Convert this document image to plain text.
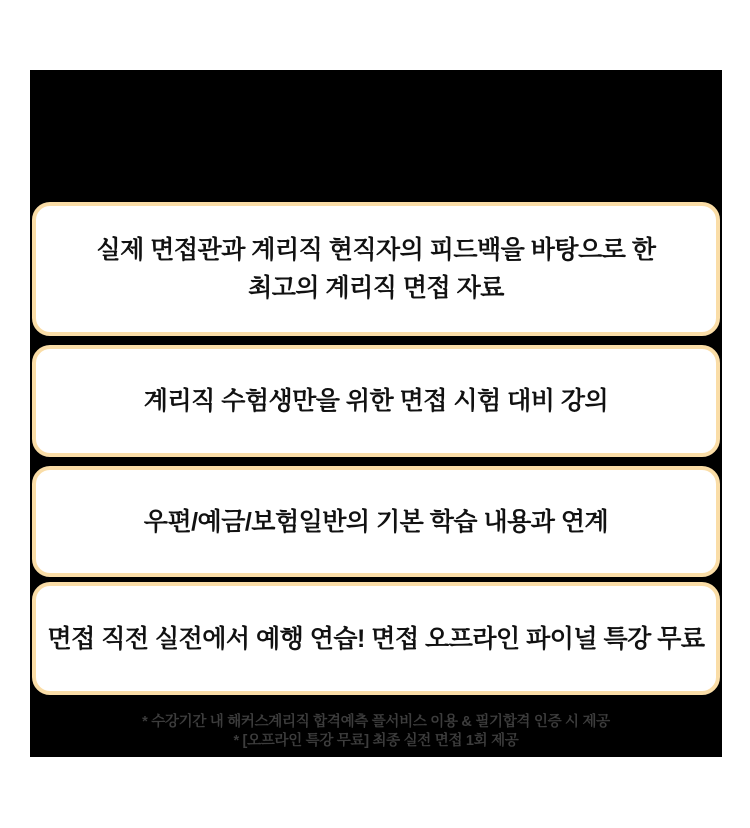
실제 면접관과 계리직 현직자의 피드백을 바탕으로 한
최고의 계리직 면접 자료
계리직 수험생만을 위한 면접 시험 대비 강의
우편/예금/보험일반의 기본 학습 내용과 연계
면접 직전 실전에서 예행 연습! 면접 오프라인 파이널 특강 무료
* 수강기간 내 해커스계리직 합격예측 플서비스 이용 & 필기합격 인증 시 제공
* [오프라인 특강 무료] 최종 실전 면접 1회 제공
